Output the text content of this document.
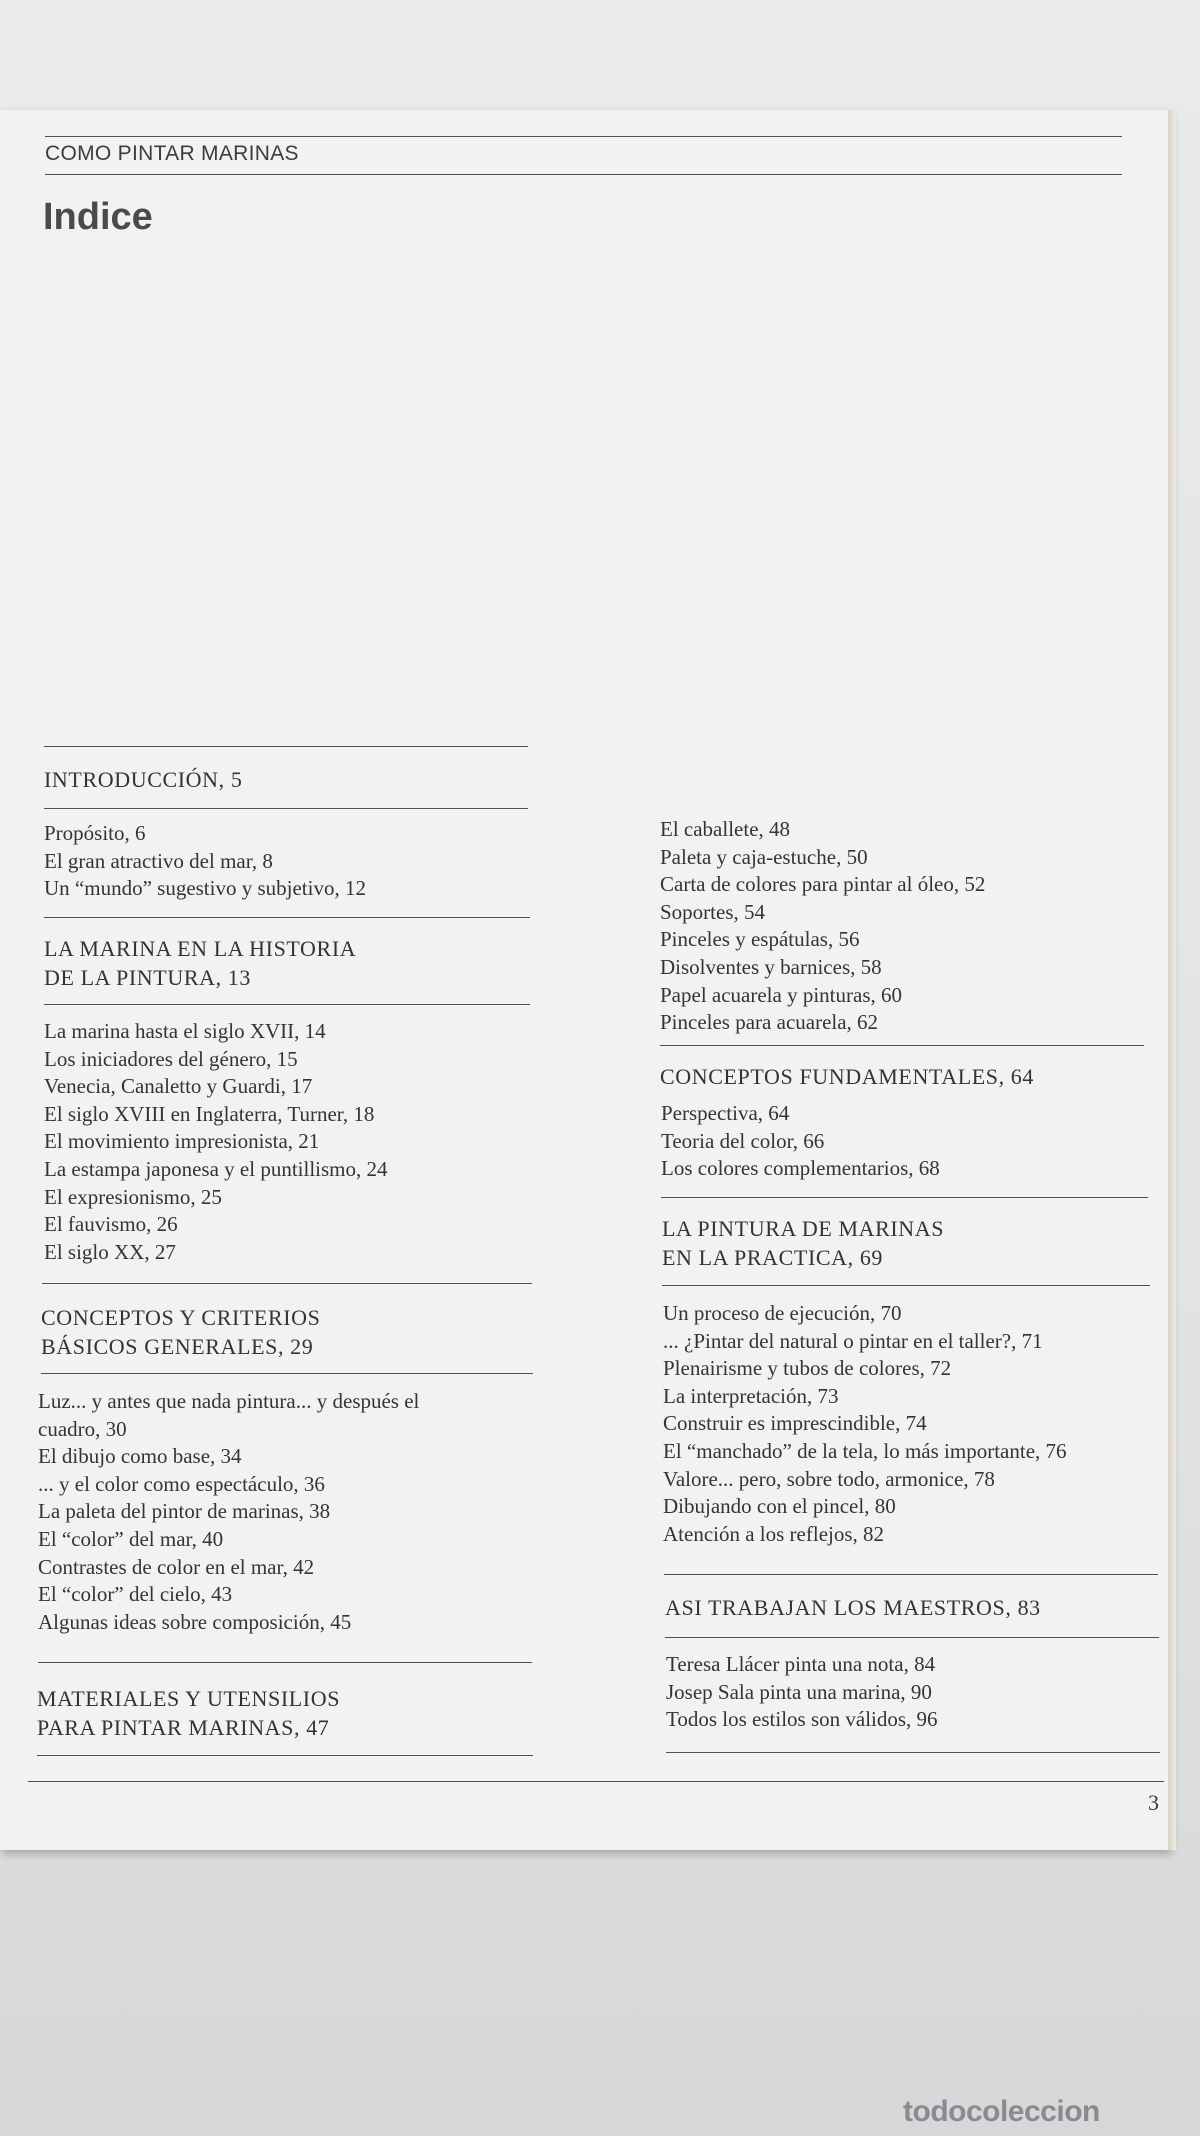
COMO PINTAR MARINAS
Indice
INTRODUCCIÓN, 5
Propósito, 6
El gran atractivo del mar, 8
Un “mundo” sugestivo y subjetivo, 12
LA MARINA EN LA HISTORIA
DE LA PINTURA, 13
La marina hasta el siglo XVII, 14
Los iniciadores del género, 15
Venecia, Canaletto y Guardi, 17
El siglo XVIII en Inglaterra, Turner, 18
El movimiento impresionista, 21
La estampa japonesa y el puntillismo, 24
El expresionismo, 25
El fauvismo, 26
El siglo XX, 27
CONCEPTOS Y CRITERIOS
BÁSICOS GENERALES, 29
Luz... y antes que nada pintura... y después el
cuadro, 30
El dibujo como base, 34
... y el color como espectáculo, 36
La paleta del pintor de marinas, 38
El “color” del mar, 40
Contrastes de color en el mar, 42
El “color” del cielo, 43
Algunas ideas sobre composición, 45
MATERIALES Y UTENSILIOS
PARA PINTAR MARINAS, 47
El caballete, 48
Paleta y caja-estuche, 50
Carta de colores para pintar al óleo, 52
Soportes, 54
Pinceles y espátulas, 56
Disolventes y barnices, 58
Papel acuarela y pinturas, 60
Pinceles para acuarela, 62
CONCEPTOS FUNDAMENTALES, 64
Perspectiva, 64
Teoria del color, 66
Los colores complementarios, 68
LA PINTURA DE MARINAS
EN LA PRACTICA, 69
Un proceso de ejecución, 70
... ¿Pintar del natural o pintar en el taller?, 71
Plenairisme y tubos de colores, 72
La interpretación, 73
Construir es imprescindible, 74
El “manchado” de la tela, lo más importante, 76
Valore... pero, sobre todo, armonice, 78
Dibujando con el pincel, 80
Atención a los reflejos, 82
ASI TRABAJAN LOS MAESTROS, 83
Teresa Llácer pinta una nota, 84
Josep Sala pinta una marina, 90
Todos los estilos son válidos, 96
3
todocoleccion
